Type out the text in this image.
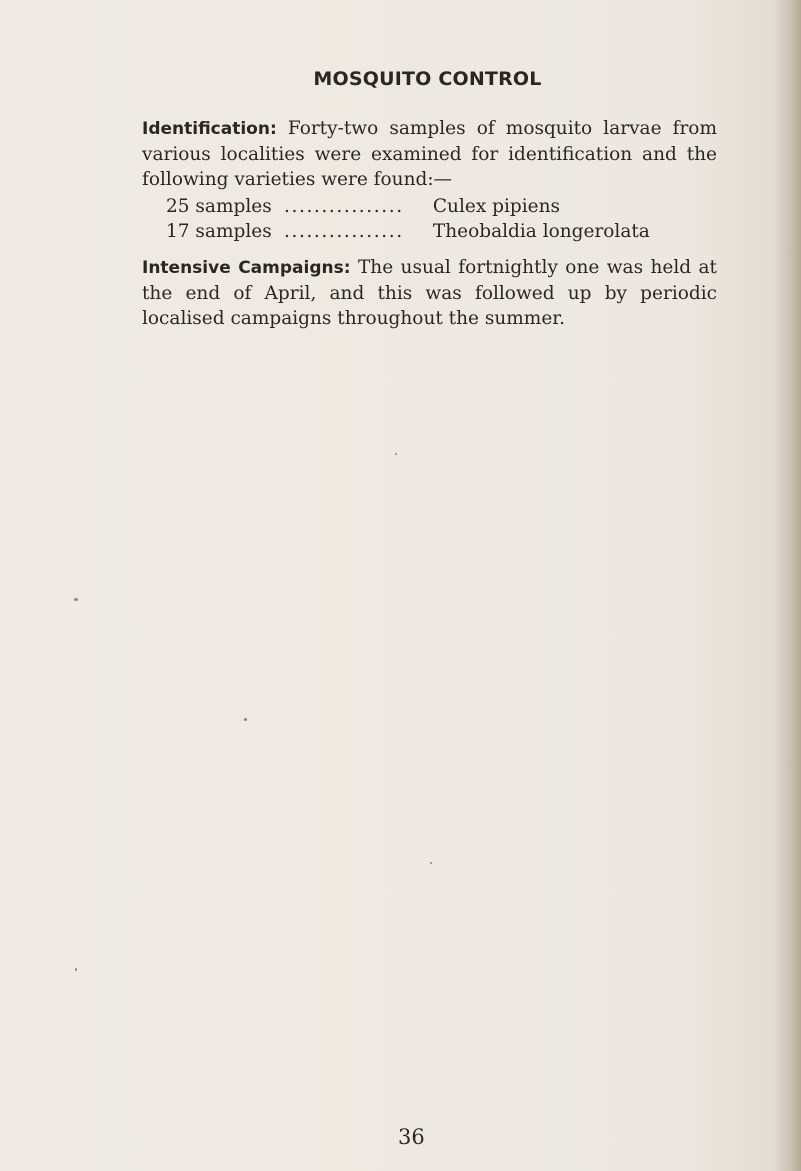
MOSQUITO CONTROL
Identification: Forty-two samples of mosquito larvae from various localities were examined for identification and the following varieties were found:—
25 samples ................ Culex pipiens
17 samples ................ Theobaldia longerolata
Intensive Campaigns: The usual fortnightly one was held at the end of April, and this was followed up by periodic localised campaigns throughout the summer.
36
